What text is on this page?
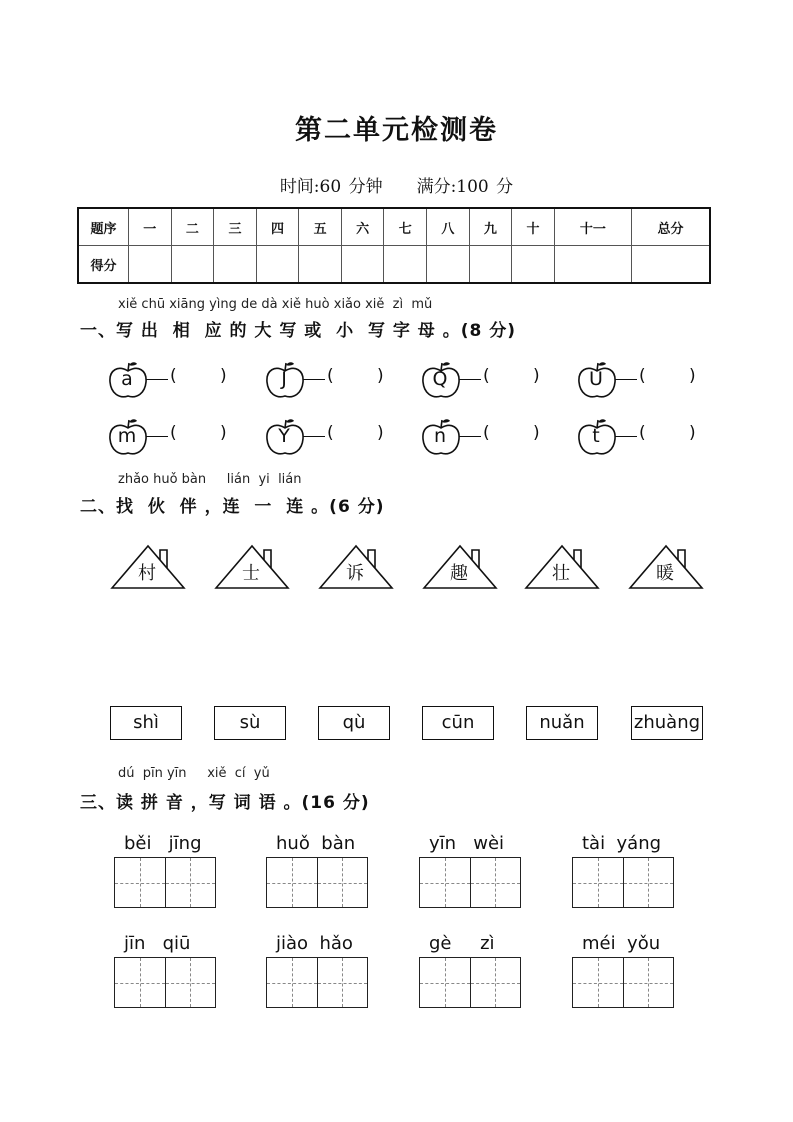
第二单元检测卷
时间:60 分钟 满分:100 分
题序	一	二	三	四	五	六	七	八	九	十	十一	总分
得分												
xiě chū xiāng yìng de dà xiě huò xiǎo xiě  zì  mǔ
一、写 出  相  应 的 大 写 或  小  写 字 母 。(8 分)
a	(	)	J	(	)	Q	(	)	U	(	)
m	(	)	Y	(	)	n	(	)	t	(	)
zhǎo huǒ bàn     lián  yi  lián
二、找  伙  伴 ，连  一  连 。(6 分)
村	士	诉	趣	壮	暖
shì	sù	qù	cūn	nuǎn	zhuàng
dú  pīn yīn     xiě  cí  yǔ
三、读 拼 音 ，写 词 语 。(16 分)
běi   jīng	huǒ  bàn	yīn   wèi	tài  yáng
jīn   qiū	jiào  hǎo	gè     zì	méi  yǒu
